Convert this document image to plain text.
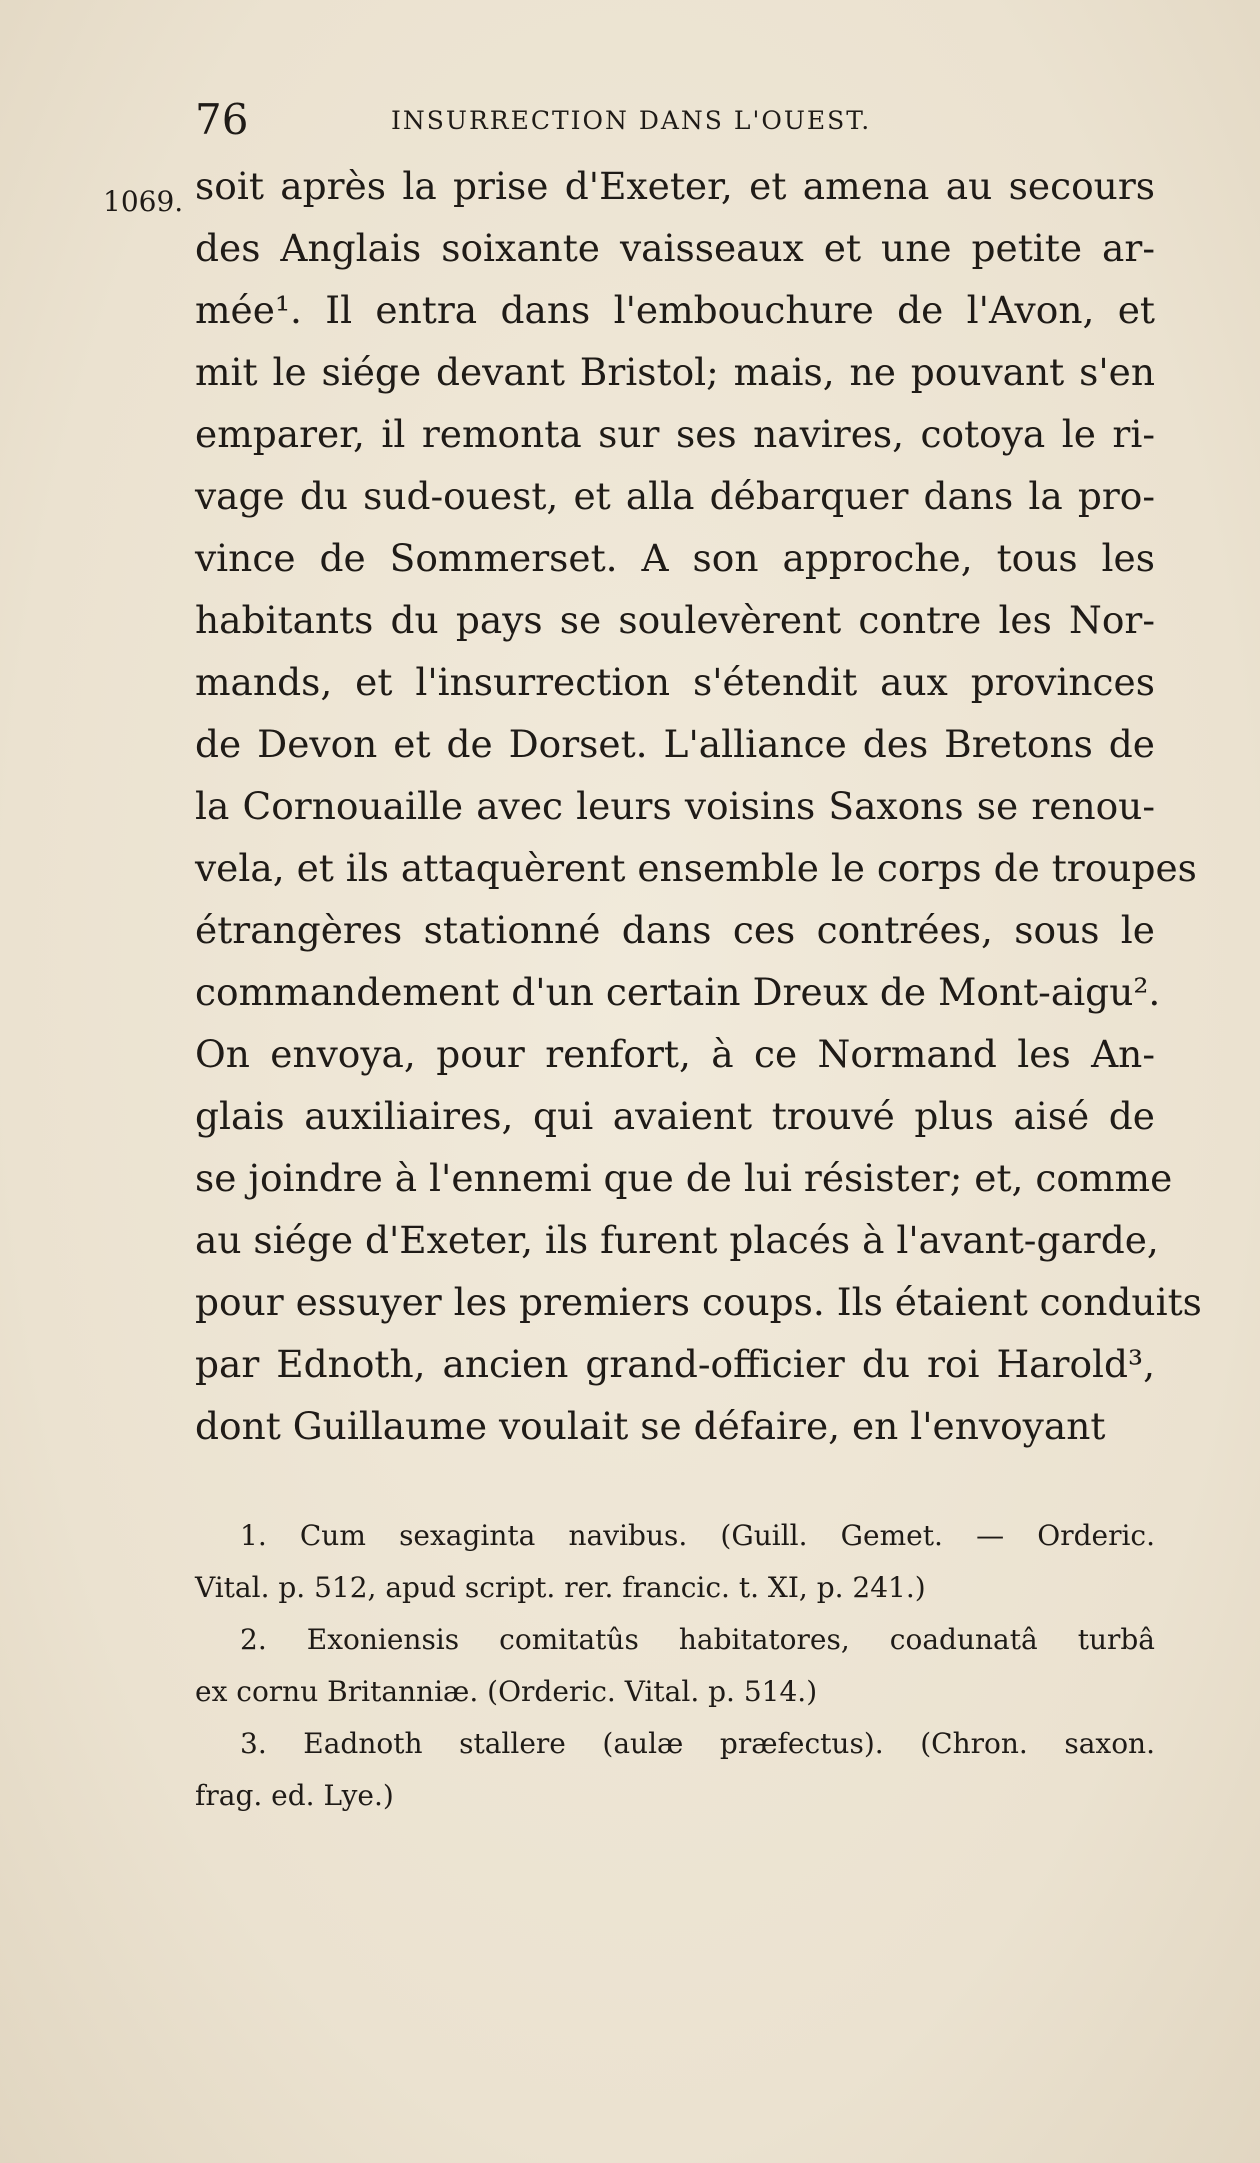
76	INSURRECTION DANS L'OUEST.
1069. soit après la prise d'Exeter, et amena au secours
des Anglais soixante vaisseaux et une petite ar-
mée¹. Il entra dans l'embouchure de l'Avon, et
mit le siége devant Bristol; mais, ne pouvant s'en
emparer, il remonta sur ses navires, cotoya le ri-
vage du sud-ouest, et alla débarquer dans la pro-
vince de Sommerset. A son approche, tous les
habitants du pays se soulevèrent contre les Nor-
mands, et l'insurrection s'étendit aux provinces
de Devon et de Dorset. L'alliance des Bretons de
la Cornouaille avec leurs voisins Saxons se renou-
vela, et ils attaquèrent ensemble le corps de troupes
étrangères stationné dans ces contrées, sous le
commandement d'un certain Dreux de Mont-aigu².
On envoya, pour renfort, à ce Normand les An-
glais auxiliaires, qui avaient trouvé plus aisé de
se joindre à l'ennemi que de lui résister; et, comme
au siége d'Exeter, ils furent placés à l'avant-garde,
pour essuyer les premiers coups. Ils étaient conduits
par Ednoth, ancien grand-officier du roi Harold³,
dont Guillaume voulait se défaire, en l'envoyant
1. Cum sexaginta navibus. (Guill. Gemet. — Orderic.
Vital. p. 512, apud script. rer. francic. t. XI, p. 241.)
2. Exoniensis comitatûs habitatores, coadunatâ turbâ
ex cornu Britanniæ. (Orderic. Vital. p. 514.)
3. Eadnoth stallere (aulæ præfectus). (Chron. saxon.
frag. ed. Lye.)
